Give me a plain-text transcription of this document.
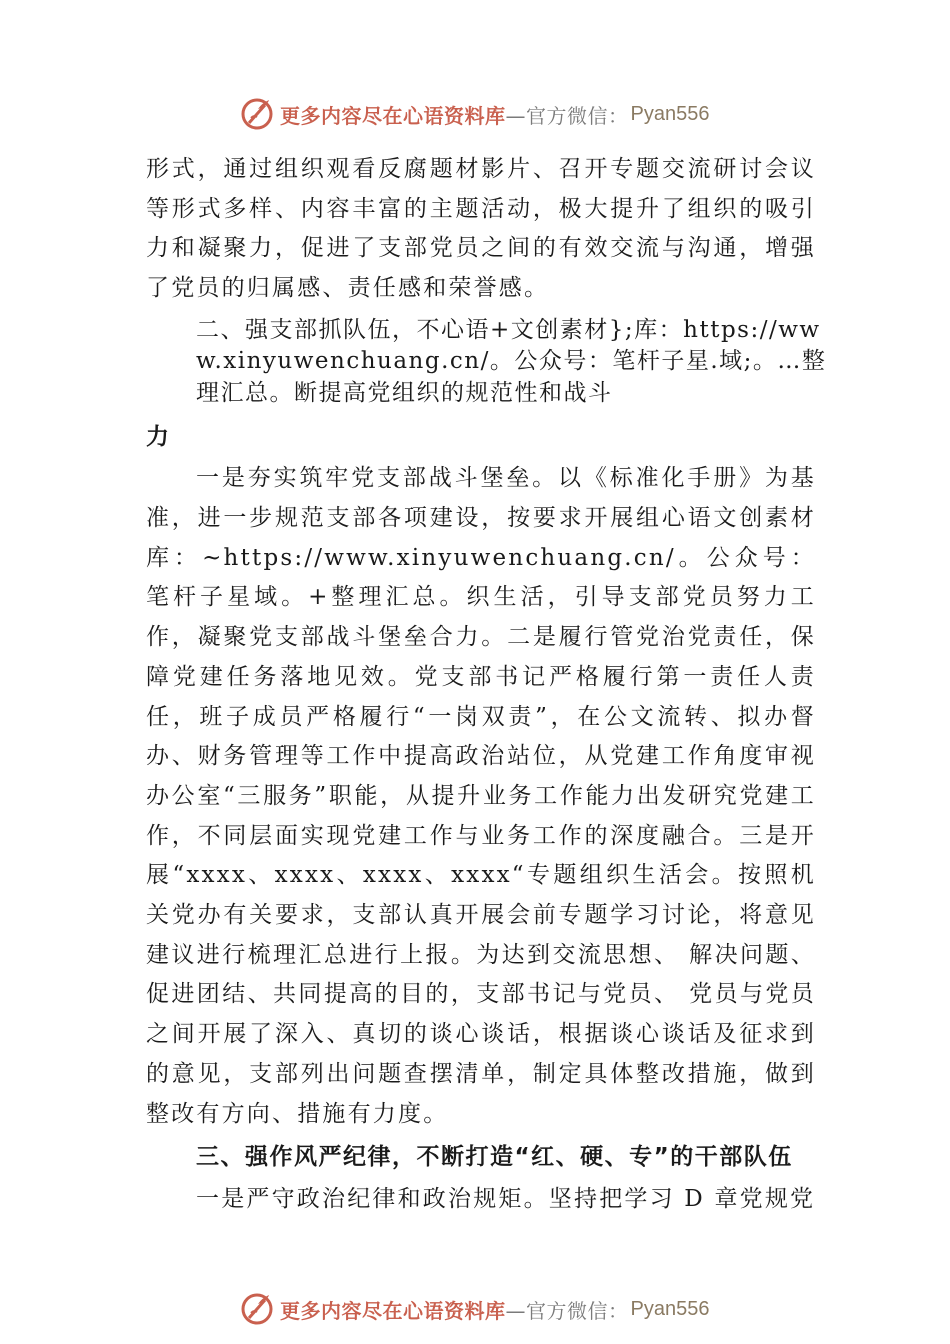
更多内容尽在心语资料库 —官方微信： Pyan556

形式，通过组织观看反腐题材影片、召开专题交流研讨会议等形式多样、内容丰富的主题活动，极大提升了组织的吸引力和凝聚力，促进了支部党员之间的有效交流与沟通，增强了党员的归属感、责任感和荣誉感。

二、强支部抓队伍，不心语+文创素材};库：https://www.xinyuwenchuang.cn/。公众号：笔杆子星.域;。…整理汇总。断提高党组织的规范性和战斗

力

一是夯实筑牢党支部战斗堡垒。以《标准化手册》为基准，进一步规范支部各项建设，按要求开展组心语文创素材库：~https://www.xinyuwenchuang.cn/。公众号：笔杆子星域。+整理汇总。织生活，引导支部党员努力工作，凝聚党支部战斗堡垒合力。二是履行管党治党责任，保障党建任务落地见效。党支部书记严格履行第一责任人责任，班子成员严格履行“一岗双责”，在公文流转、拟办督办、财务管理等工作中提高政治站位，从党建工作角度审视办公室“三服务”职能，从提升业务工作能力出发研究党建工作，不同层面实现党建工作与业务工作的深度融合。三是开展“xxxx、xxxx、xxxx、xxxx“专题组织生活会。按照机关党办有关要求，支部认真开展会前专题学习讨论，将意见建议进行梳理汇总进行上报。为达到交流思想、 解决问题、促进团结、共同提高的目的，支部书记与党员、 党员与党员之间开展了深入、真切的谈心谈话，根据谈心谈话及征求到的意见，支部列出问题查摆清单，制定具体整改措施，做到整改有方向、措施有力度。

三、强作风严纪律，不断打造“红、硬、专”的干部队伍

一是严守政治纪律和政治规矩。坚持把学习 D 章党规党

更多内容尽在心语资料库 —官方微信： Pyan556
